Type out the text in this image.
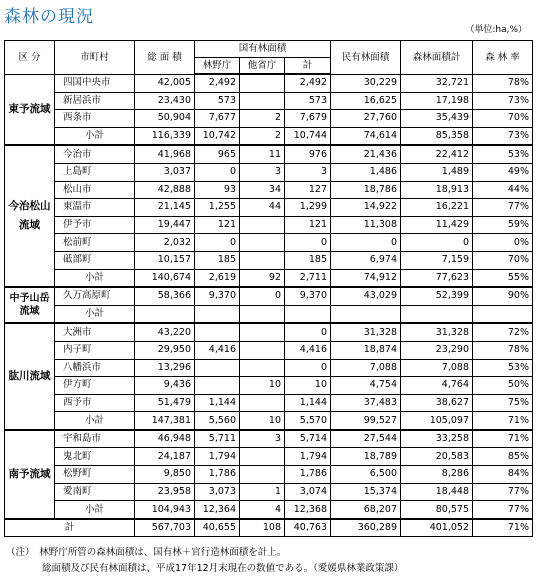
森林の現況
（単位:ha,%）
区 分	市町村	総 面 積	国有林面積			民有林面積	森林面積計	森 林 率
			林野庁	他省庁	計			
東予流域	四国中央市	42,005	2,492		2,492	30,229	32,721	78%
	新居浜市	23,430	573		573	16,625	17,198	73%
	西条市	50,904	7,677	2	7,679	27,760	35,439	70%
	小計	116,339	10,742	2	10,744	74,614	85,358	73%
今治松山流域	今治市	41,968	965	11	976	21,436	22,412	53%
	上島町	3,037	0	3	3	1,486	1,489	49%
	松山市	42,888	93	34	127	18,786	18,913	44%
	東温市	21,145	1,255	44	1,299	14,922	16,221	77%
	伊予市	19,447	121		121	11,308	11,429	59%
	松前町	2,032	0		0	0	0	0%
	砥部町	10,157	185		185	6,974	7,159	70%
	小計	140,674	2,619	92	2,711	74,912	77,623	55%
中予山岳流域	久万高原町	58,366	9,370	0	9,370	43,029	52,399	90%
	小計							
肱川流域	大洲市	43,220			0	31,328	31,328	72%
	内子町	29,950	4,416		4,416	18,874	23,290	78%
	八幡浜市	13,296			0	7,088	7,088	53%
	伊方町	9,436		10	10	4,754	4,764	50%
	西予市	51,479	1,144		1,144	37,483	38,627	75%
	小計	147,381	5,560	10	5,570	99,527	105,097	71%
南予流域	宇和島市	46,948	5,711	3	5,714	27,544	33,258	71%
	鬼北町	24,187	1,794		1,794	18,789	20,583	85%
	松野町	9,850	1,786		1,786	6,500	8,286	84%
	愛南町	23,958	3,073	1	3,074	15,374	18,448	77%
	小計	104,943	12,364	4	12,368	68,207	80,575	77%
計		567,703	40,655	108	40,763	360,289	401,052	71%
（注）　林野庁所管の森林面積は、国有林＋官行造林面積を計上。
総面積及び民有林面積は、平成17年12月末現在の数値である。（愛媛県林業政策課）
